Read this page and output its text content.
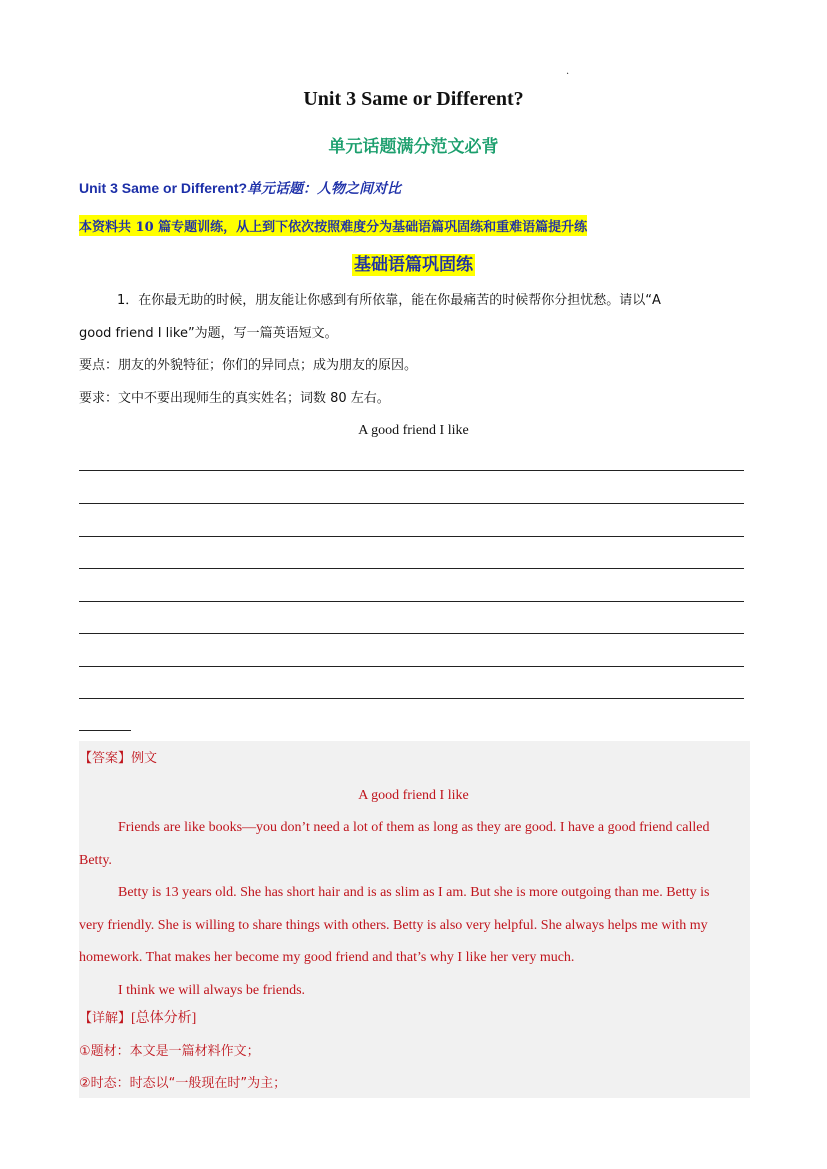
.
Unit 3 Same or Different?
单元话题满分范文必背
Unit 3 Same or Different?单元话题：人物之间对比
本资料共 10 篇专题训练，从上到下依次按照难度分为基础语篇巩固练和重难语篇提升练
基础语篇巩固练
1．在你最无助的时候，朋友能让你感到有所依靠，能在你最痛苦的时候帮你分担忧愁。请以“A
good friend I like”为题，写一篇英语短文。
要点：朋友的外貌特征；你们的异同点；成为朋友的原因。
要求：文中不要出现师生的真实姓名；词数 80 左右。
A good friend I like
【答案】例文
A good friend I like
Friends are like books—you don’t need a lot of them as long as they are good. I have a good friend called
Betty.
Betty is 13 years old. She has short hair and is as slim as I am. But she is more outgoing than me. Betty is
very friendly. She is willing to share things with others. Betty is also very helpful. She always helps me with my
homework. That makes her become my good friend and that’s why I like her very much.
I think we will always be friends.
【详解】[总体分析]
①题材：本文是一篇材料作文；
②时态：时态以“一般现在时”为主；
